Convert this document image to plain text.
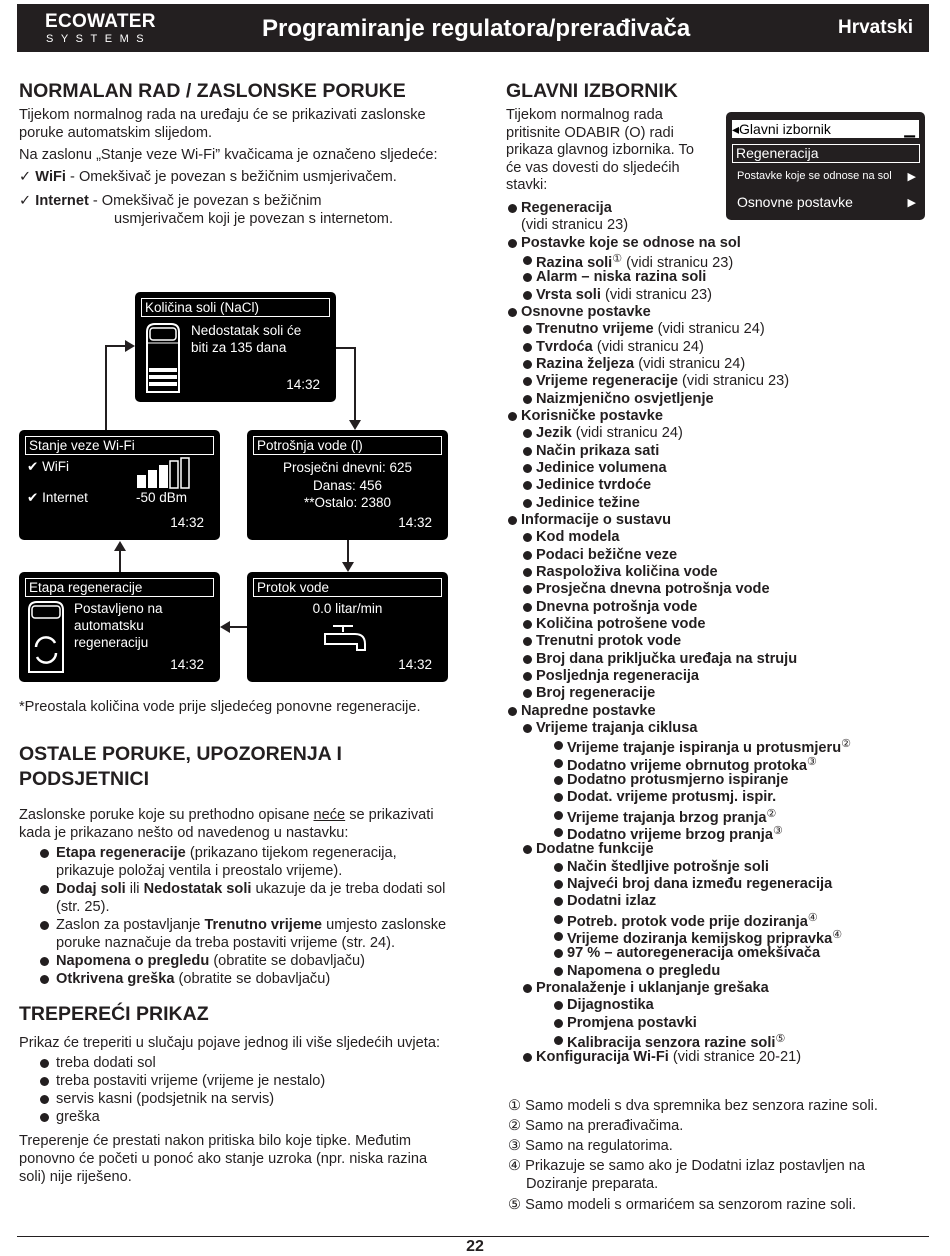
ECOWATER
SYSTEMS	Programiranje regulatora/prerađivača	Hrvatski
NORMALAN RAD / ZASLONSKE PORUKE

Tijekom normalnog rada na uređaju će se prikazivati zaslonske poruke automatskim slijedom.

Na zaslonu „Stanje veze Wi-Fi” kvačicama je označeno sljedeće:

✓ WiFi - Omekšivač je povezan s bežičnim usmjerivačem.

✓ Internet - Omekšivač je povezan s bežičnim
usmjerivačem koji je povezan s internetom.

Količina soli (NaCl)
Nedostatak soli će
biti za 135 dana
14:32
Stanje veze Wi-Fi
✔ WiFi
✔ Internet	-50 dBm
14:32
Potrošnja vode (l)
Prosječni dnevni: 625
Danas: 456
**Ostalo: 2380
14:32
Etapa regeneracije
Postavljeno na
automatsku
regeneraciju
14:32
Protok vode
0.0 litar/min
14:32

*Preostala količina vode prije sljedećeg ponovne regeneracije.

OSTALE PORUKE, UPOZORENJA I PODSJETNICI

Zaslonske poruke koje su prethodno opisane neće se prikazivati kada je prikazano nešto od navedenog u nastavku:

Etapa regeneracije (prikazano tijekom regeneracija, prikazuje položaj ventila i preostalo vrijeme).
Dodaj soli ili Nedostatak soli ukazuje da je treba dodati sol (str. 25).
Zaslon za postavljanje Trenutno vrijeme umjesto zaslonske poruke naznačuje da treba postaviti vrijeme (str. 24).
Napomena o pregledu (obratite se dobavljaču)
Otkrivena greška (obratite se dobavljaču)
TREPEREĆI PRIKAZ

Prikaz će treperiti u slučaju pojave jednog ili više sljedećih uvjeta:

treba dodati sol
treba postaviti vrijeme (vrijeme je nestalo)
servis kasni (podsjetnik na servis)
greška

Treperenje će prestati nakon pritiska bilo koje tipke. Međutim ponovno će početi u ponoć ako stanje uzroka (npr. niska razina soli) nije riješeno.

GLAVNI IZBORNIK
Tijekom normalnog rada
pritisnite ODABIR (O) radi
prikaza glavnog izbornika. To
će vas dovesti do sljedećih
stavki:
◂Glavni izbornik	▁
Regeneracija
Postavke koje se odnose na sol ▶
Osnovne postavke	▶
Regeneracija
(vidi stranicu 23)
Postavke koje se odnose na sol
Razina soli① (vidi stranicu 23)
Alarm – niska razina soli
Vrsta soli (vidi stranicu 23)
Osnovne postavke
Trenutno vrijeme (vidi stranicu 24)
Tvrdoća (vidi stranicu 24)
Razina željeza (vidi stranicu 24)
Vrijeme regeneracije (vidi stranicu 23)
Naizmjenično osvjetljenje
Korisničke postavke
Jezik (vidi stranicu 24)
Način prikaza sati
Jedinice volumena
Jedinice tvrdoće
Jedinice težine
Informacije o sustavu
Kod modela
Podaci bežične veze
Raspoloživa količina vode
Prosječna dnevna potrošnja vode
Dnevna potrošnja vode
Količina potrošene vode
Trenutni protok vode
Broj dana priključka uređaja na struju
Posljednja regeneracija
Broj regeneracije
Napredne postavke
Vrijeme trajanja ciklusa
Vrijeme trajanje ispiranja u protusmjeru②
Dodatno vrijeme obrnutog protoka③
Dodatno protusmjerno ispiranje
Dodat. vrijeme protusmj. ispir.
Vrijeme trajanja brzog pranja②
Dodatno vrijeme brzog pranja③
Dodatne funkcije
Način štedljive potrošnje soli
Najveći broj dana između regeneracija
Dodatni izlaz
Potreb. protok vode prije doziranja④
Vrijeme doziranja kemijskog pripravka④
97 % – autoregeneracija omekšivača
Napomena o pregledu
Pronalaženje i uklanjanje grešaka
Dijagnostika
Promjena postavki
Kalibracija senzora razine soli⑤
Konfiguracija Wi-Fi (vidi stranice 20-21)
① Samo modeli s dva spremnika bez senzora razine soli.
② Samo na prerađivačima.
③ Samo na regulatorima.
④ Prikazuje se samo ako je Dodatni izlaz postavljen na
Doziranje preparata.
⑤ Samo modeli s ormarićem sa senzorom razine soli.
22
